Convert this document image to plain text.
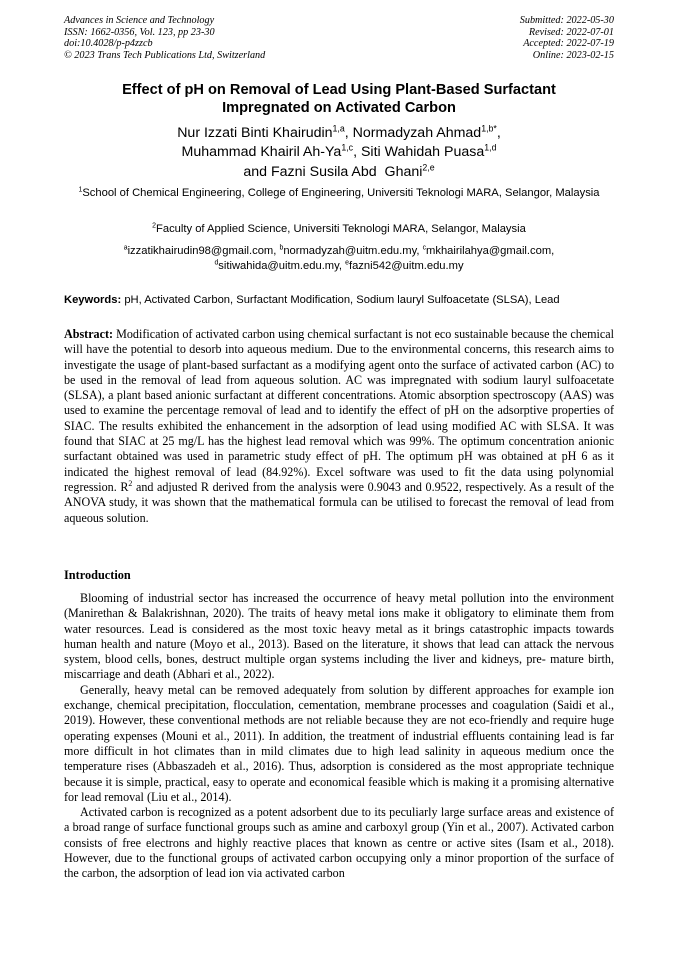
Advances in Science and Technology
ISSN: 1662-0356, Vol. 123, pp 23-30
doi:10.4028/p-p4zzcb
© 2023 Trans Tech Publications Ltd, Switzerland
Submitted: 2022-05-30
Revised: 2022-07-01
Accepted: 2022-07-19
Online: 2023-02-15
Effect of pH on Removal of Lead Using Plant-Based Surfactant
Impregnated on Activated Carbon
Nur Izzati Binti Khairudin$^{1,a}$, Normadyzah Ahmad$^{1,b*}$,
Muhammad Khairil Ah-Ya$^{1,c}$, Siti Wahidah Puasa$^{1,d}$
and Fazni Susila Abd  Ghani$^{2,e}$
$^1$School of Chemical Engineering, College of Engineering, Universiti Teknologi MARA, Selangor, Malaysia
$^2$Faculty of Applied Science, Universiti Teknologi MARA, Selangor, Malaysia
$^a$izzatikhairudin98@gmail.com, $^b$normadyzah@uitm.edu.my, $^c$mkhairilahya@gmail.com,
$^d$sitiwahida@uitm.edu.my, $^e$fazni542@uitm.edu.my
Keywords: pH, Activated Carbon, Surfactant Modification, Sodium lauryl Sulfoacetate (SLSA), Lead
Abstract: Modification of activated carbon using chemical surfactant is not eco sustainable because the chemical will have the potential to desorb into aqueous medium. Due to the environmental concerns, this research aims to investigate the usage of plant-based surfactant as a modifying agent onto the surface of activated carbon (AC) to be used in the removal of lead from aqueous solution. AC was impregnated with sodium lauryl sulfoacetate (SLSA), a plant based anionic surfactant at different concentrations. Atomic absorption spectroscopy (AAS) was used to examine the percentage removal of lead and to identify the effect of pH on the adsorptive properties of SIAC. The results exhibited the enhancement in the adsorption of lead using modified AC with SLSA. It was found that SIAC at 25 mg/L has the highest lead removal which was 99%. The optimum concentration anionic surfactant obtained was used in parametric study effect of pH. The optimum pH was obtained at pH 6 as it indicated the highest removal of lead (84.92%). Excel software was used to fit the data using polynomial regression. $R^2$ and adjusted R derived from the analysis were 0.9043 and 0.9522, respectively. As a result of the ANOVA study, it was shown that the mathematical formula can be utilised to forecast the removal of lead from aqueous solution.
Introduction

Blooming of industrial sector has increased the occurrence of heavy metal pollution into the environment (Manirethan & Balakrishnan, 2020). The traits of heavy metal ions make it obligatory to eliminate them from water resources. Lead is considered as the most toxic heavy metal as it brings catastrophic impacts towards human health and nature (Moyo et al., 2013). Based on the literature, it shows that lead can attack the nervous system, blood cells, bones, destruct multiple organ systems including the liver and kidneys, pre- mature birth, miscarriage and death (Abhari et al., 2022).

Generally, heavy metal can be removed adequately from solution by different approaches for example ion exchange, chemical precipitation, flocculation, cementation, membrane processes and coagulation (Saidi et al., 2019). However, these conventional methods are not reliable because they are not eco-friendly and require huge operating expenses (Mouni et al., 2011). In addition, the treatment of industrial effluents containing lead is far more difficult in hot climates than in mild climates due to high lead salinity in aqueous medium once the temperature rises (Abbaszadeh et al., 2016). Thus, adsorption is considered as the most appropriate technique because it is simple, practical, easy to operate and economical feasible which is making it a promising alternative for lead removal (Liu et al., 2014).

Activated carbon is recognized as a potent adsorbent due to its peculiarly large surface areas and existence of a broad range of surface functional groups such as amine and carboxyl group (Yin et al., 2007). Activated carbon consists of free electrons and highly reactive places that known as centre or active sites (Isam et al., 2018). However, due to the functional groups of activated carbon occupying only a minor proportion of the surface of the carbon, the adsorption of lead ion via activated carbon
